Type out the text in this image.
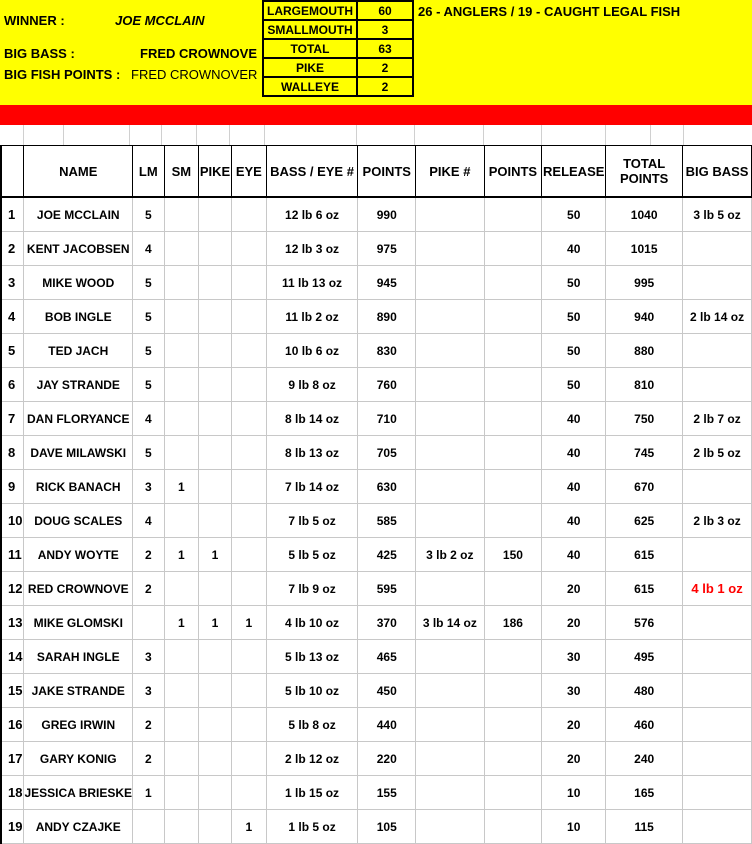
WINNER :	JOE MCCLAIN
BIG BASS :	FRED CROWNOVE
BIG FISH POINTS : FRED CROWNOVER
LARGEMOUTH	60
SMALLMOUTH	3
TOTAL	63
PIKE	2
WALLEYE	2
26 - ANGLERS / 19 - CAUGHT LEGAL FISH
	NAME	LM	SM	PIKE	EYE	BASS / EYE #	POINTS	PIKE #	POINTS	RELEASE	TOTAL POINTS	BIG BASS
1	JOE MCCLAIN	5				12 lb 6 oz	990			50	1040	3 lb 5 oz
2	KENT JACOBSEN	4				12 lb 3 oz	975			40	1015	
3	MIKE WOOD	5				11 lb 13 oz	945			50	995	
4	BOB INGLE	5				11 lb 2 oz	890			50	940	2 lb 14 oz
5	TED JACH	5				10 lb 6 oz	830			50	880	
6	JAY STRANDE	5				9 lb 8 oz	760			50	810	
7	DAN FLORYANCE	4				8 lb 14 oz	710			40	750	2 lb 7 oz
8	DAVE MILAWSKI	5				8 lb 13 oz	705			40	745	2 lb 5 oz
9	RICK BANACH	3	1			7 lb 14 oz	630			40	670	
10	DOUG SCALES	4				7 lb 5 oz	585			40	625	2 lb 3 oz
11	ANDY WOYTE	2	1	1		5 lb 5 oz	425	3 lb 2 oz	150	40	615	
12	RED CROWNOVE	2				7 lb 9 oz	595			20	615	4 lb 1 oz
13	MIKE GLOMSKI		1	1	1	4 lb 10 oz	370	3 lb 14 oz	186	20	576	
14	SARAH INGLE	3				5 lb 13 oz	465			30	495	
15	JAKE STRANDE	3				5 lb 10 oz	450			30	480	
16	GREG IRWIN	2				5 lb 8 oz	440			20	460	
17	GARY KONIG	2				2 lb 12 oz	220			20	240	
18	JESSICA BRIESKE	1				1 lb 15 oz	155			10	165	
19	ANDY CZAJKE				1	1 lb 5 oz	105			10	115	
